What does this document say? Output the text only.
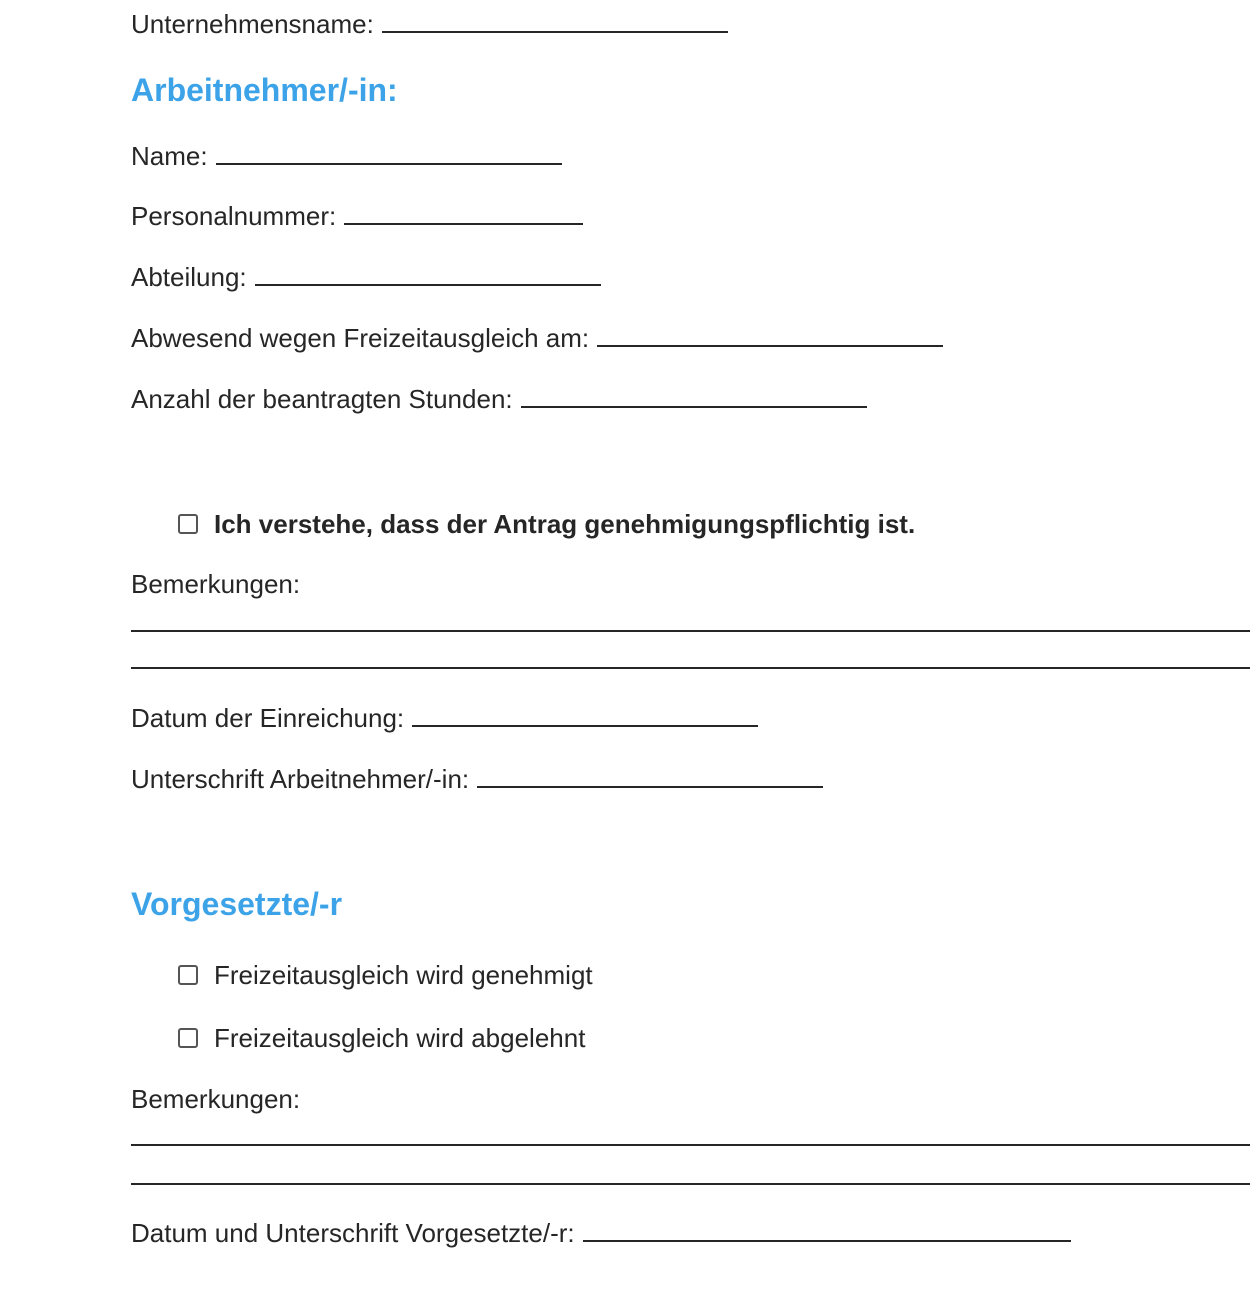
Unternehmensname:
Arbeitnehmer/-in:
Name:
Personalnummer:
Abteilung:
Abwesend wegen Freizeitausgleich am:
Anzahl der beantragten Stunden:
Ich verstehe, dass der Antrag genehmigungspflichtig ist.
Bemerkungen:
Datum der Einreichung:
Unterschrift Arbeitnehmer/-in:
Vorgesetzte/-r
Freizeitausgleich wird genehmigt
Freizeitausgleich wird abgelehnt
Bemerkungen:
Datum und Unterschrift Vorgesetzte/-r:
